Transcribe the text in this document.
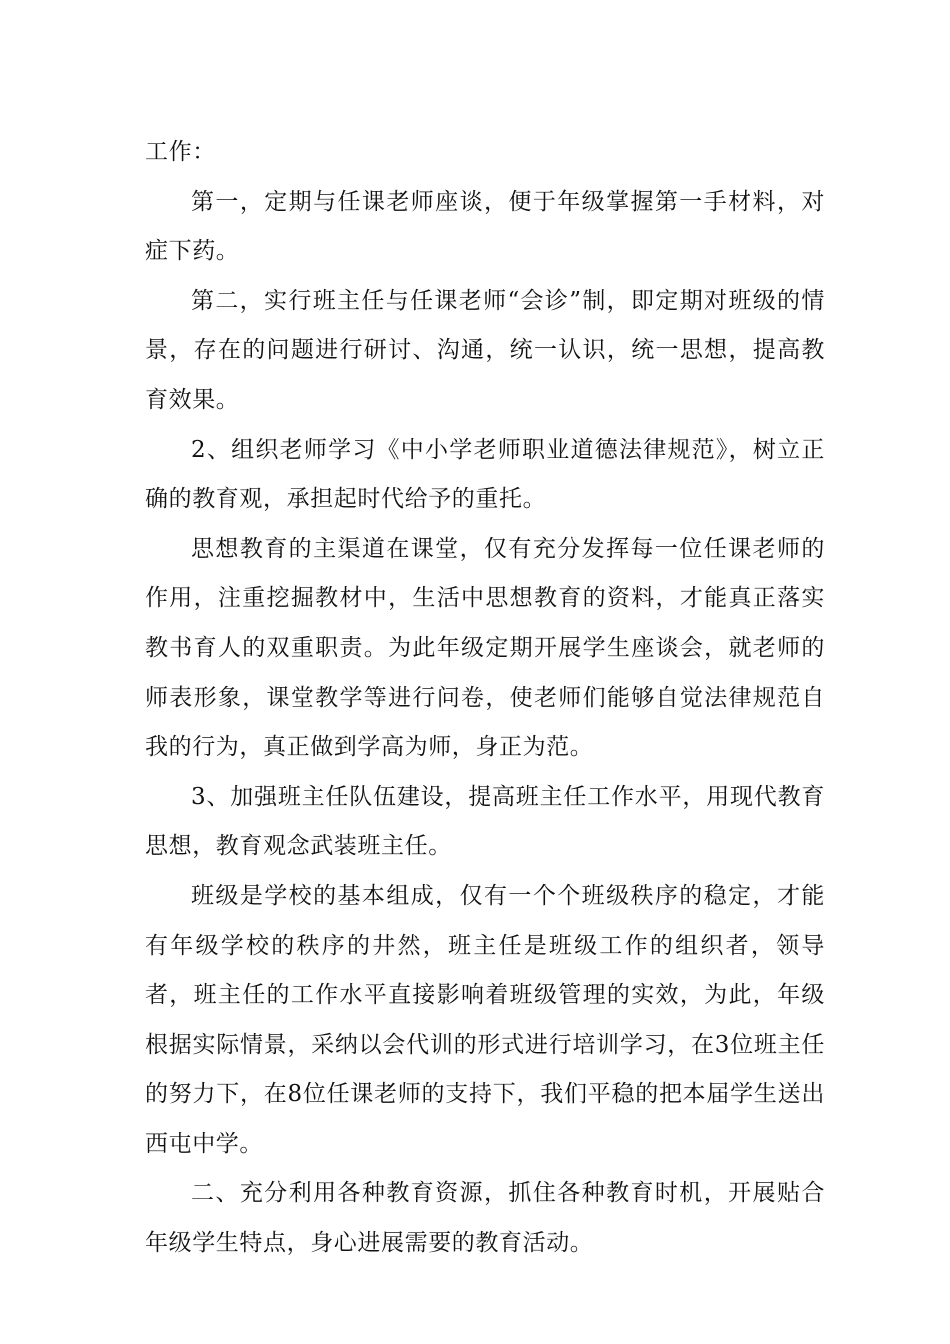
工作：

第一，定期与任课老师座谈，便于年级掌握第一手材料，对症下药。

第二，实行班主任与任课老师“会诊”制，即定期对班级的情景，存在的问题进行研讨、沟通，统一认识，统一思想，提高教育效果。

2、组织老师学习《中小学老师职业道德法律规范》，树立正确的教育观，承担起时代给予的重托。

思想教育的主渠道在课堂，仅有充分发挥每一位任课老师的作用，注重挖掘教材中，生活中思想教育的资料，才能真正落实教书育人的双重职责。为此年级定期开展学生座谈会，就老师的师表形象，课堂教学等进行问卷，使老师们能够自觉法律规范自我的行为，真正做到学高为师，身正为范。

3、加强班主任队伍建设，提高班主任工作水平，用现代教育思想，教育观念武装班主任。

班级是学校的基本组成，仅有一个个班级秩序的稳定，才能有年级学校的秩序的井然，班主任是班级工作的组织者，领导者，班主任的工作水平直接影响着班级管理的实效，为此，年级根据实际情景，采纳以会代训的形式进行培训学习，在3位班主任的努力下，在8位任课老师的支持下，我们平稳的把本届学生送出西屯中学。

二、充分利用各种教育资源，抓住各种教育时机，开展贴合年级学生特点，身心进展需要的教育活动。
